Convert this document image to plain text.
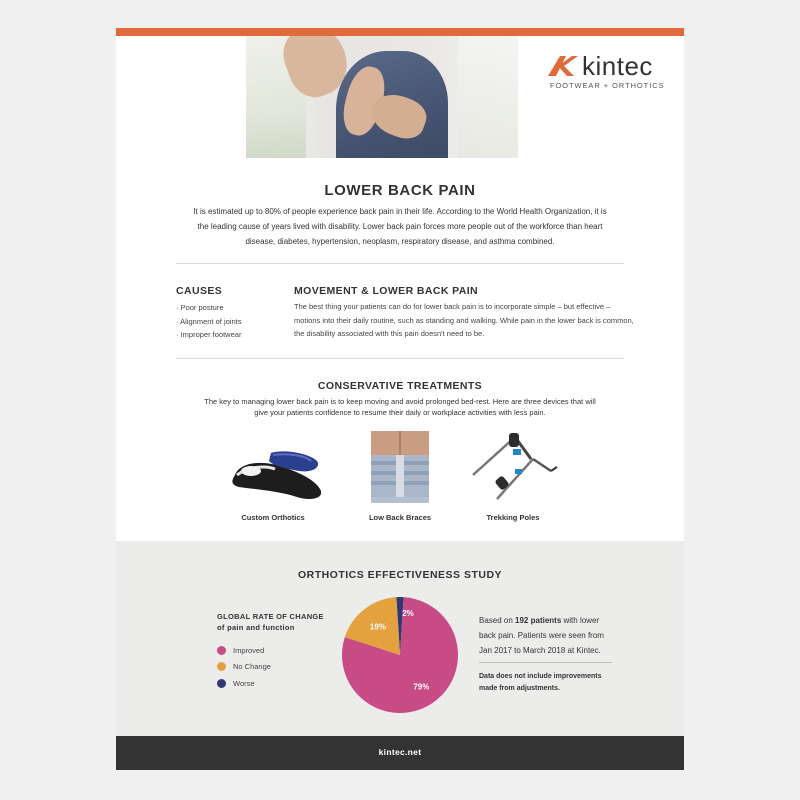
kintec
FOOTWEAR + ORTHOTICS
LOWER BACK PAIN
It is estimated up to 80% of people experience back pain in their life. According to the World Health Organization, it is the leading cause of years lived with disability. Lower back pain forces more people out of the workforce than heart disease, diabetes, hypertension, neoplasm, respiratory disease, and asthma combined.
CAUSES
· Poor posture
· Alignment of joints
· Improper footwear
MOVEMENT & LOWER BACK PAIN
The best thing your patients can do for lower back pain is to incorporate simple – but effective – motions into their daily routine, such as standing and walking. While pain in the lower back is common, the disability associated with this pain doesn't need to be.
CONSERVATIVE TREATMENTS
The key to managing lower back pain is to keep moving and avoid prolonged bed-rest. Here are three devices that will give your patients confidence to resume their daily or workplace activities with less pain.
Custom Orthotics	Low Back Braces	Trekking Poles
ORTHOTICS EFFECTIVENESS STUDY
GLOBAL RATE OF CHANGE
of pain and function
Improved
No Change
Worse
2%
79%
19%
Based on 192 patients with lower back pain. Patients were seen from Jan 2017 to March 2018 at Kintec.
Data does not include improvements made from adjustments.
kintec.net
